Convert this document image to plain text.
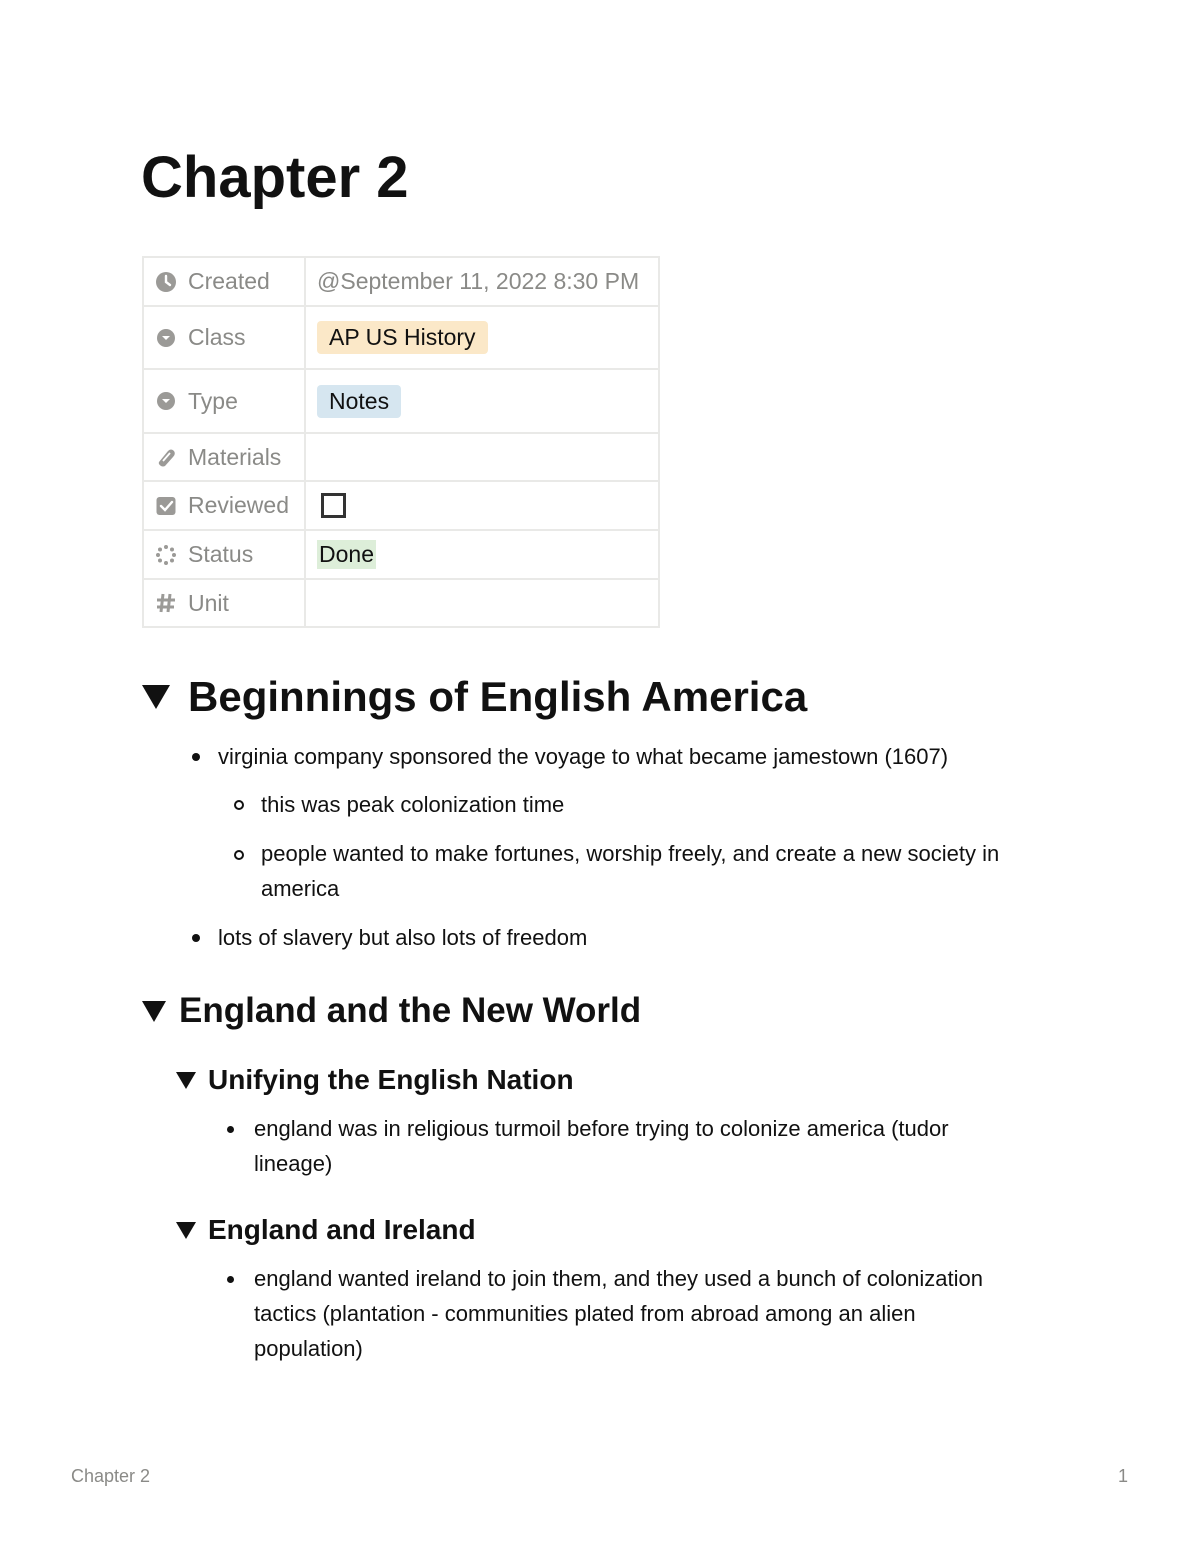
Chapter 2
Created	@September 11, 2022 8:30 PM

Class	AP US History

Type	Notes

Materials	

Reviewed	

Status	Done

Unit	

Beginnings of English America
virginia company sponsored the voyage to what became jamestown (1607)
this was peak colonization time
people wanted to make fortunes, worship freely, and create a new society in
america
lots of slavery but also lots of freedom
England and the New World
Unifying the English Nation
england was in religious turmoil before trying to colonize america (tudor
lineage)
England and Ireland
england wanted ireland to join them, and they used a bunch of colonization
tactics (plantation - communities plated from abroad among an alien
population)
Chapter 2	1
